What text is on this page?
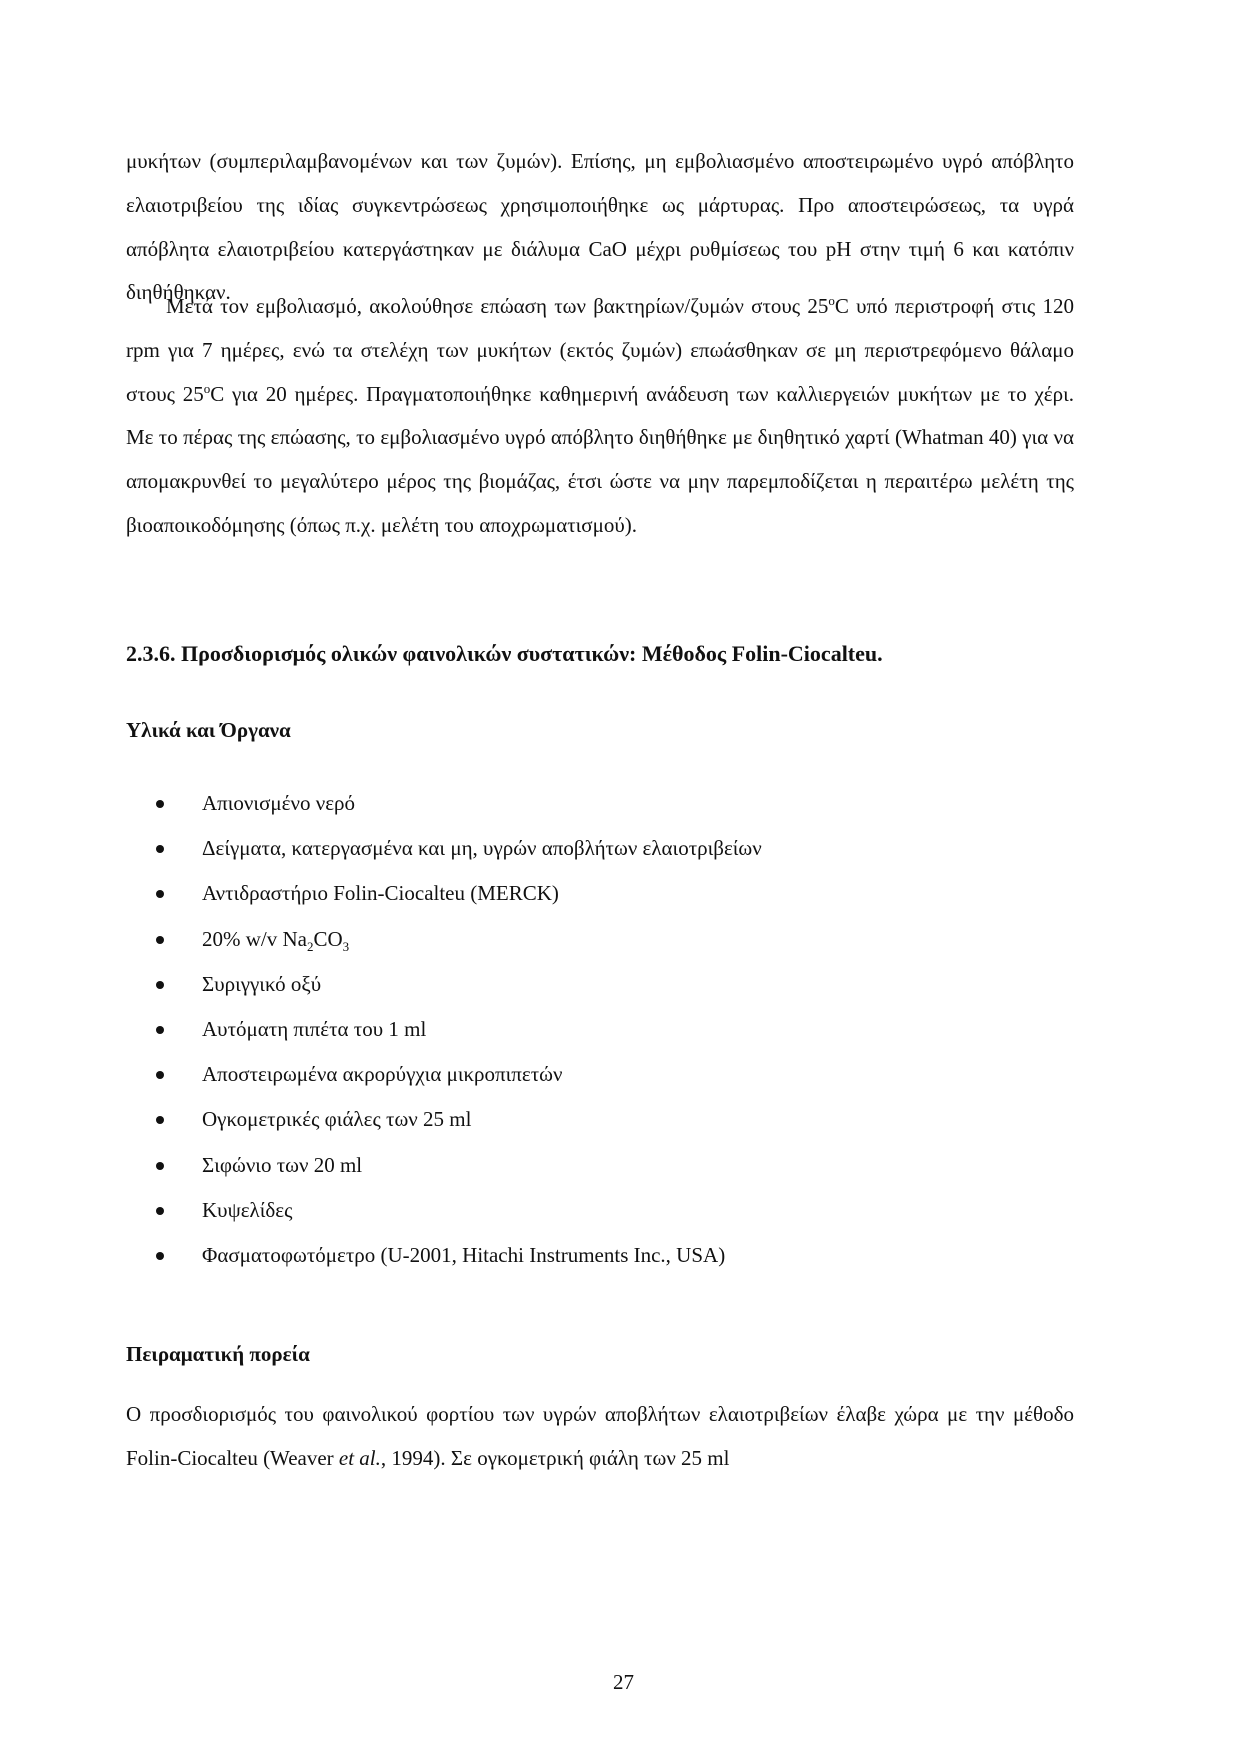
μυκήτων (συμπεριλαμβανομένων και των ζυμών). Επίσης, μη εμβολιασμένο αποστειρωμένο υγρό απόβλητο ελαιοτριβείου της ιδίας συγκεντρώσεως χρησιμοποιήθηκε ως μάρτυρας. Προ αποστειρώσεως, τα υγρά απόβλητα ελαιοτριβείου κατεργάστηκαν με διάλυμα CaO μέχρι ρυθμίσεως του pH στην τιμή 6 και κατόπιν διηθήθηκαν.

Μετά τον εμβολιασμό, ακολούθησε επώαση των βακτηρίων/ζυμών στους 25$^o$C υπό περιστροφή στις 120 rpm για 7 ημέρες, ενώ τα στελέχη των μυκήτων (εκτός ζυμών) επωάσθηκαν σε μη περιστρεφόμενο θάλαμο στους 25$^o$C για 20 ημέρες. Πραγματοποιήθηκε καθημερινή ανάδευση των καλλιεργειών μυκήτων με το χέρι. Με το πέρας της επώασης, το εμβολιασμένο υγρό απόβλητο διηθήθηκε με διηθητικό χαρτί (Whatman 40) για να απομακρυνθεί το μεγαλύτερο μέρος της βιομάζας, έτσι ώστε να μην παρεμποδίζεται η περαιτέρω μελέτη της βιοαποικοδόμησης (όπως π.χ. μελέτη του αποχρωματισμού).

2.3.6. Προσδιορισμός ολικών φαινολικών συστατικών: Μέθοδος Folin-Ciocalteu.
Υλικά και Όργανα
Απιονισμένο νερό
Δείγματα, κατεργασμένα και μη, υγρών αποβλήτων ελαιοτριβείων
Αντιδραστήριο Folin-Ciocalteu (MERCK)
20% w/v $Na_2CO_3$
Συριγγικό οξύ
Αυτόματη πιπέτα του 1 ml
Αποστειρωμένα ακρορύγχια μικροπιπετών
Ογκομετρικές φιάλες των 25 ml
Σιφώνιο των 20 ml
Κυψελίδες
Φασματοφωτόμετρο (U-2001, Hitachi Instruments Inc., USA)
Πειραματική πορεία

Ο προσδιορισμός του φαινολικού φορτίου των υγρών αποβλήτων ελαιοτριβείων έλαβε χώρα με την μέθοδο Folin-Ciocalteu (Weaver et al., 1994). Σε ογκομετρική φιάλη των 25 ml

27
